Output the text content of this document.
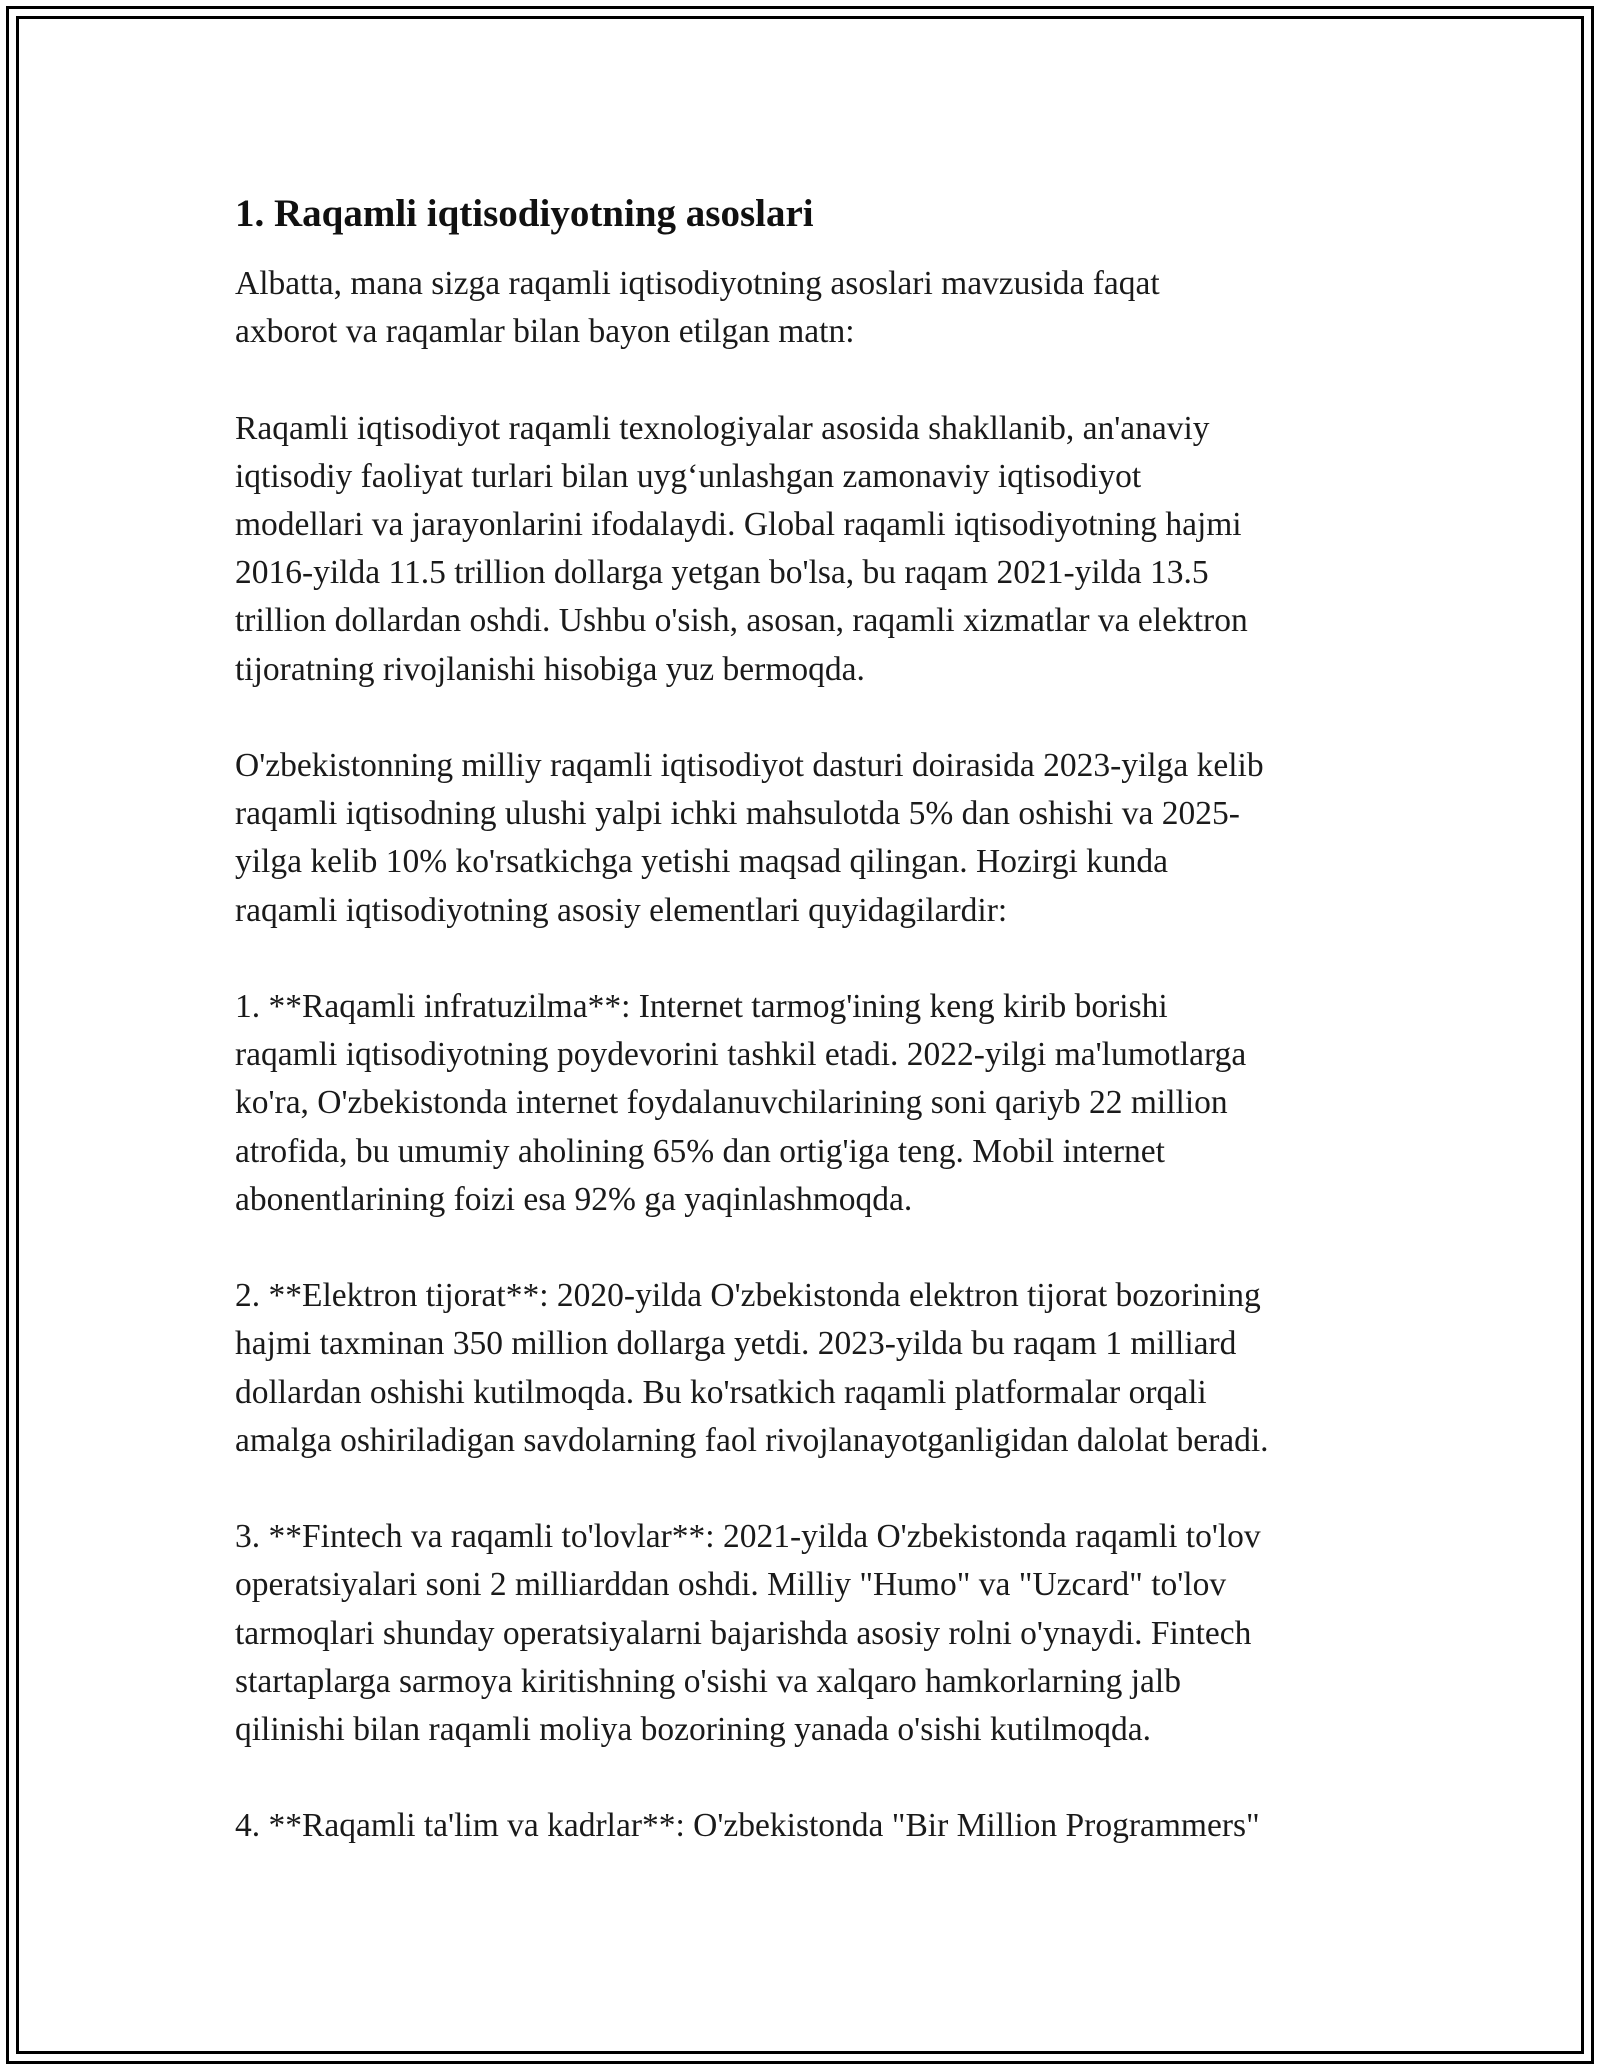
1. Raqamli iqtisodiyotning asoslari

Albatta, mana sizga raqamli iqtisodiyotning asoslari mavzusida faqat
axborot va raqamlar bilan bayon etilgan matn:

Raqamli iqtisodiyot raqamli texnologiyalar asosida shakllanib, an'anaviy
iqtisodiy faoliyat turlari bilan uyg‘unlashgan zamonaviy iqtisodiyot
modellari va jarayonlarini ifodalaydi. Global raqamli iqtisodiyotning hajmi
2016-yilda 11.5 trillion dollarga yetgan bo'lsa, bu raqam 2021-yilda 13.5
trillion dollardan oshdi. Ushbu o'sish, asosan, raqamli xizmatlar va elektron
tijoratning rivojlanishi hisobiga yuz bermoqda.

O'zbekistonning milliy raqamli iqtisodiyot dasturi doirasida 2023-yilga kelib
raqamli iqtisodning ulushi yalpi ichki mahsulotda 5% dan oshishi va 2025-
yilga kelib 10% ko'rsatkichga yetishi maqsad qilingan. Hozirgi kunda
raqamli iqtisodiyotning asosiy elementlari quyidagilardir:

1. **Raqamli infratuzilma**: Internet tarmog'ining keng kirib borishi
raqamli iqtisodiyotning poydevorini tashkil etadi. 2022-yilgi ma'lumotlarga
ko'ra, O'zbekistonda internet foydalanuvchilarining soni qariyb 22 million
atrofida, bu umumiy aholining 65% dan ortig'iga teng. Mobil internet
abonentlarining foizi esa 92% ga yaqinlashmoqda.

2. **Elektron tijorat**: 2020-yilda O'zbekistonda elektron tijorat bozorining
hajmi taxminan 350 million dollarga yetdi. 2023-yilda bu raqam 1 milliard
dollardan oshishi kutilmoqda. Bu ko'rsatkich raqamli platformalar orqali
amalga oshiriladigan savdolarning faol rivojlanayotganligidan dalolat beradi.

3. **Fintech va raqamli to'lovlar**: 2021-yilda O'zbekistonda raqamli to'lov
operatsiyalari soni 2 milliarddan oshdi. Milliy "Humo" va "Uzcard" to'lov
tarmoqlari shunday operatsiyalarni bajarishda asosiy rolni o'ynaydi. Fintech
startaplarga sarmoya kiritishning o'sishi va xalqaro hamkorlarning jalb
qilinishi bilan raqamli moliya bozorining yanada o'sishi kutilmoqda.

4. **Raqamli ta'lim va kadrlar**: O'zbekistonda "Bir Million Programmers"
